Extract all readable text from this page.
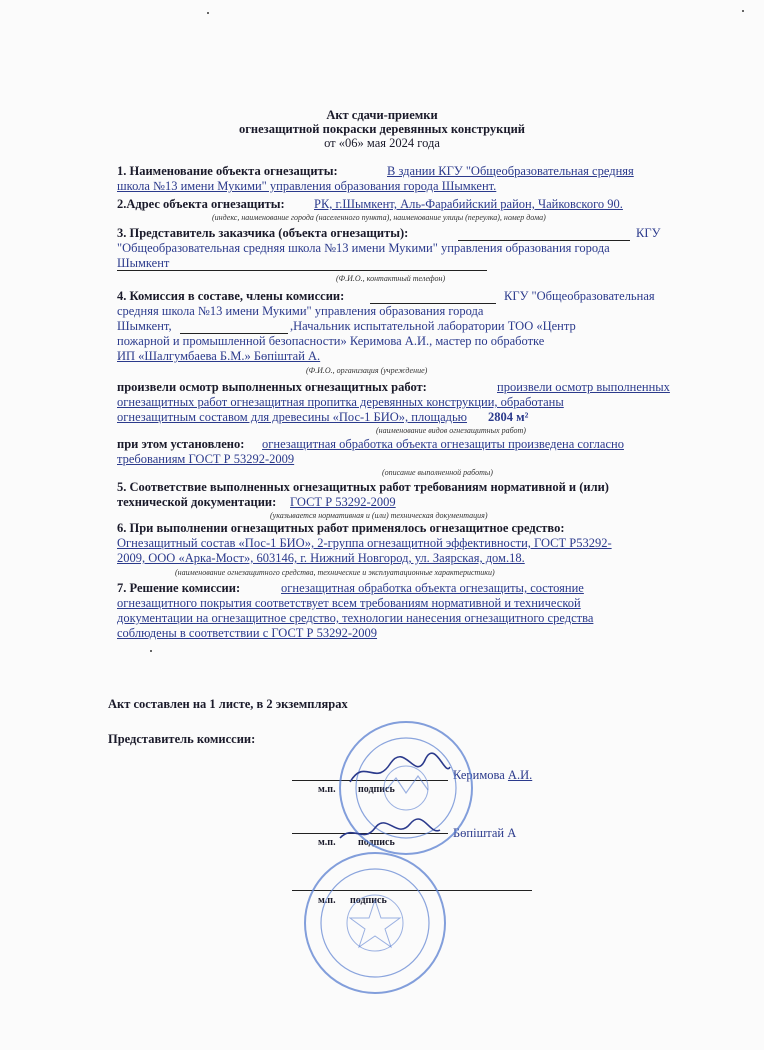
Акт сдачи-приемки
огнезащитной покраски деревянных конструкций
от «06» мая 2024 года
1. Наименование объекта огнезащиты:	В здании КГУ "Общеобразовательная средняя
школа №13 имени Мукими" управления образования города Шымкент.
2.Адрес объекта огнезащиты: РК, г.Шымкент, Аль-Фарабийский район, Чайковского 90.
(индекс, наименование города (населенного пункта), наименование улицы (переулка), номер дома)
3. Представитель заказчика (объекта огнезащиты):	КГУ
"Общеобразовательная средняя школа №13 имени Мукими" управления образования города
Шымкент
(Ф.И.О., контактный телефон)
4. Комиссия в составе, члены комиссии:	КГУ "Общеобразовательная
средняя школа №13 имени Мукими" управления образования города
Шымкент,	,Начальник испытательной лаборатории ТОО «Центр
пожарной и промышленной безопасности» Керимова А.И., мастер по обработке
ИП «Шалгумбаева Б.М.» Бөпiштай А.
(Ф.И.О., организация (учреждение)
произвели осмотр выполненных огнезащитных работ:	произвели осмотр выполненных
огнезащитных работ огнезащитная пропитка деревянных конструкции, обработаны
огнезащитным составом для древесины «Пос-1 БИО», площадью 2804 м²
(наименование видов огнезащитных работ)
при этом установлено: огнезащитная обработка объекта огнезащиты произведена согласно
требованиям ГОСТ Р 53292-2009
(описание выполненной работы)
5. Соответствие выполненных огнезащитных работ требованиям нормативной и (или)
технической документации: ГОСТ Р 53292-2009
(указывается нормативная и (или) техническая документация)
6. При выполнении огнезащитных работ применялось огнезащитное средство:
Огнезащитный состав «Пос-1 БИО», 2-группа огнезащитной эффективности, ГОСТ Р53292-
2009, ООО «Арка-Мост», 603146, г. Нижний Новгород, ул. Заярская, дом.18.
(наименование огнезащитного средства, технические и эксплуатационные характеристики)
7. Решение комиссии:	огнезащитная обработка объекта огнезащиты, состояние
огнезащитного покрытия соответствует всем требованиям нормативной и технической
документации на огнезащитное средство, технологии нанесения огнезащитного средства
соблюдены в соответствии с ГОСТ Р 53292-2009
Акт составлен на 1 листе, в 2 экземплярах
Представитель комиссии:
Керимова А.И.
м.п. подпись
Бөпiштай А
м.п. подпись
м.п. подпись
